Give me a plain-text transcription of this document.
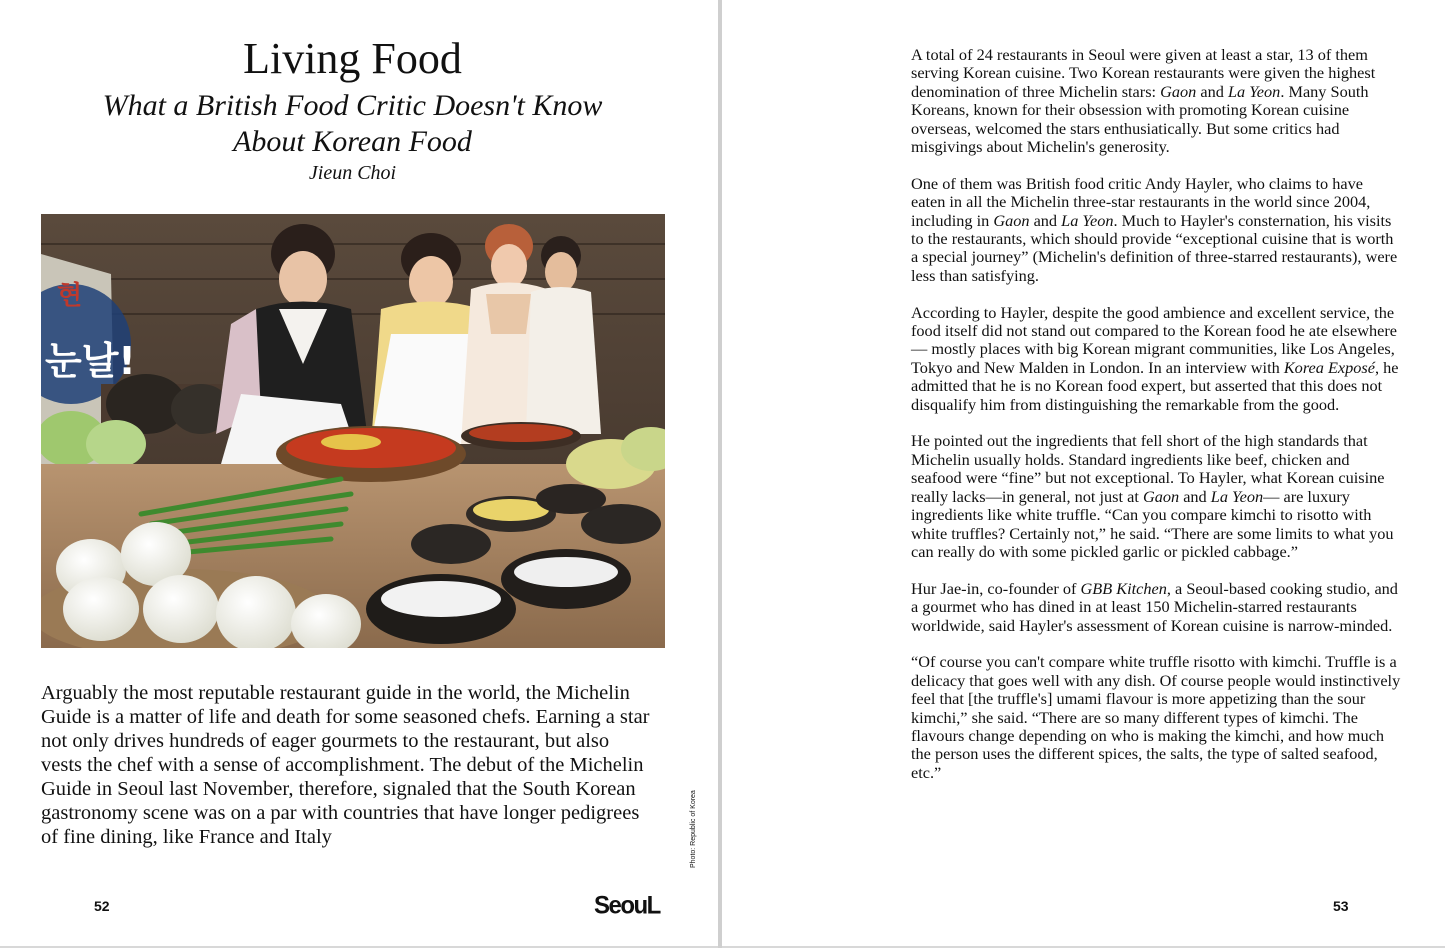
Living Food
What a British Food Critic Doesn't Know
About Korean Food
Jieun Choi
현
눈날!
Photo: Republic of Korea

Arguably the most reputable restaurant guide in the world, the Michelin Guide is a matter of life and death for some seasoned chefs. Earning a star not only drives hundreds of eager gourmets to the restaurant, but also vests the chef with a sense of accomplishment. The debut of the Michelin Guide in Seoul last November, therefore, signaled that the South Korean gastronomy scene was on a par with countries that have longer pedigrees of fine dining, like France and Italy

52	SeouL

A total of 24 restaurants in Seoul were given at least a star, 13 of them serving Korean cuisine. Two Korean restaurants were given the highest denomination of three Michelin stars: Gaon and La Yeon. Many South Koreans, known for their obsession with promoting Korean cuisine overseas, welcomed the stars enthusiatically. But some critics had misgivings about Michelin's generosity.

One of them was British food critic Andy Hayler, who claims to have eaten in all the Michelin three-star restaurants in the world since 2004, including in Gaon and La Yeon. Much to Hayler's consternation, his visits to the restaurants, which should provide “exceptional cuisine that is worth a special journey” (Michelin's definition of three-starred restaurants), were less than satisfying.

According to Hayler, despite the good ambience and excellent service, the food itself did not stand out compared to the Korean food he ate elsewhere — mostly places with big Korean migrant communities, like Los Angeles, Tokyo and New Malden in London. In an interview with Korea Exposé, he admitted that he is no Korean food expert, but asserted that this does not disqualify him from distinguishing the remarkable from the good.

He pointed out the ingredients that fell short of the high standards that Michelin usually holds. Standard ingredients like beef, chicken and seafood were “fine” but not exceptional. To Hayler, what Korean cuisine really lacks—in general, not just at Gaon and La Yeon— are luxury ingredients like white truffle. “Can you compare kimchi to risotto with white truffles? Certainly not,” he said. “There are some limits to what you can really do with some pickled garlic or pickled cabbage.”

Hur Jae-in, co-founder of GBB Kitchen, a Seoul-based cooking studio, and a gourmet who has dined in at least 150 Michelin-starred restaurants worldwide, said Hayler's assessment of Korean cuisine is narrow-minded.

“Of course you can't compare white truffle risotto with kimchi. Truffle is a delicacy that goes well with any dish. Of course people would instinctively feel that [the truffle's] umami flavour is more appetizing than the sour kimchi,” she said. “There are so many different types of kimchi. The flavours change depending on who is making the kimchi, and how much the person uses the different spices, the salts, the type of salted seafood, etc.”

53
